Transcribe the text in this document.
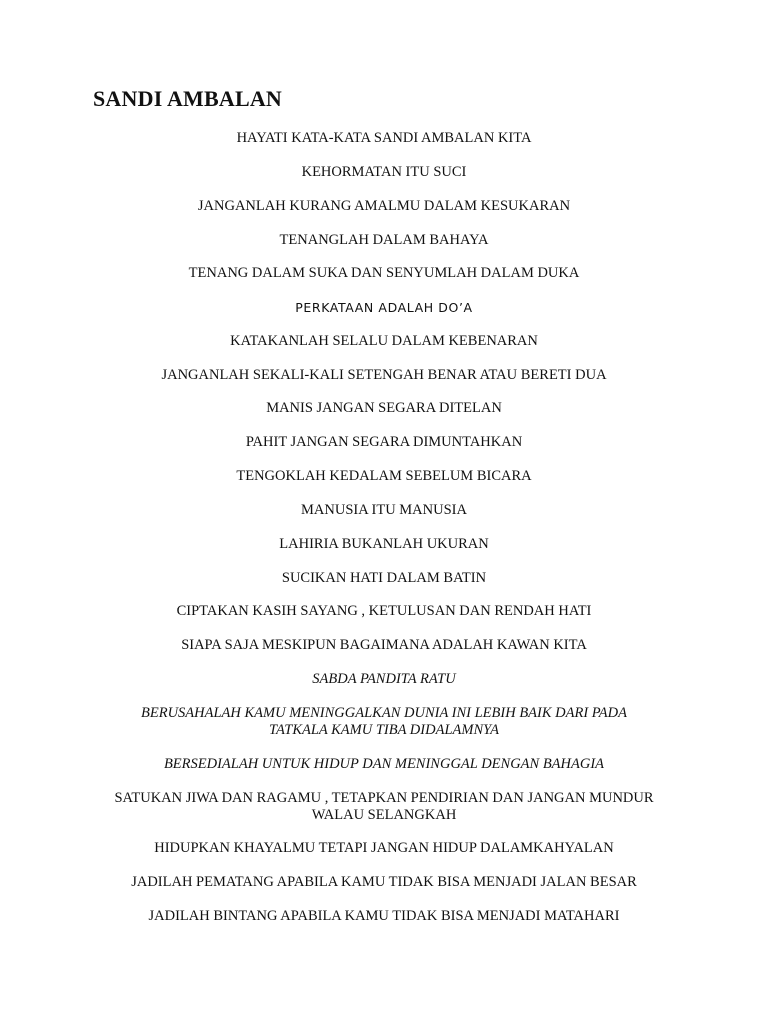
SANDI AMBALAN

HAYATI KATA-KATA SANDI AMBALAN KITA

KEHORMATAN ITU SUCI

JANGANLAH KURANG AMALMU DALAM KESUKARAN

TENANGLAH DALAM BAHAYA

TENANG DALAM SUKA DAN SENYUMLAH DALAM DUKA

PERKATAAN ADALAH DO’A

KATAKANLAH SELALU DALAM KEBENARAN

JANGANLAH SEKALI-KALI SETENGAH BENAR ATAU BERETI DUA

MANIS JANGAN SEGARA DITELAN

PAHIT JANGAN SEGARA DIMUNTAHKAN

TENGOKLAH KEDALAM SEBELUM BICARA

MANUSIA ITU MANUSIA

LAHIRIA BUKANLAH UKURAN

SUCIKAN HATI DALAM BATIN

CIPTAKAN KASIH SAYANG , KETULUSAN DAN RENDAH HATI

SIAPA SAJA MESKIPUN BAGAIMANA ADALAH KAWAN KITA

SABDA PANDITA RATU

BERUSAHALAH KAMU MENINGGALKAN DUNIA INI LEBIH BAIK DARI PADA

TATKALA KAMU TIBA DIDALAMNYA

BERSEDIALAH UNTUK HIDUP DAN MENINGGAL DENGAN BAHAGIA

SATUKAN JIWA DAN RAGAMU , TETAPKAN PENDIRIAN DAN JANGAN MUNDUR

WALAU SELANGKAH

HIDUPKAN KHAYALMU TETAPI JANGAN HIDUP DALAMKAHYALAN

JADILAH PEMATANG APABILA KAMU TIDAK BISA MENJADI JALAN BESAR

JADILAH BINTANG APABILA KAMU TIDAK BISA MENJADI MATAHARI
